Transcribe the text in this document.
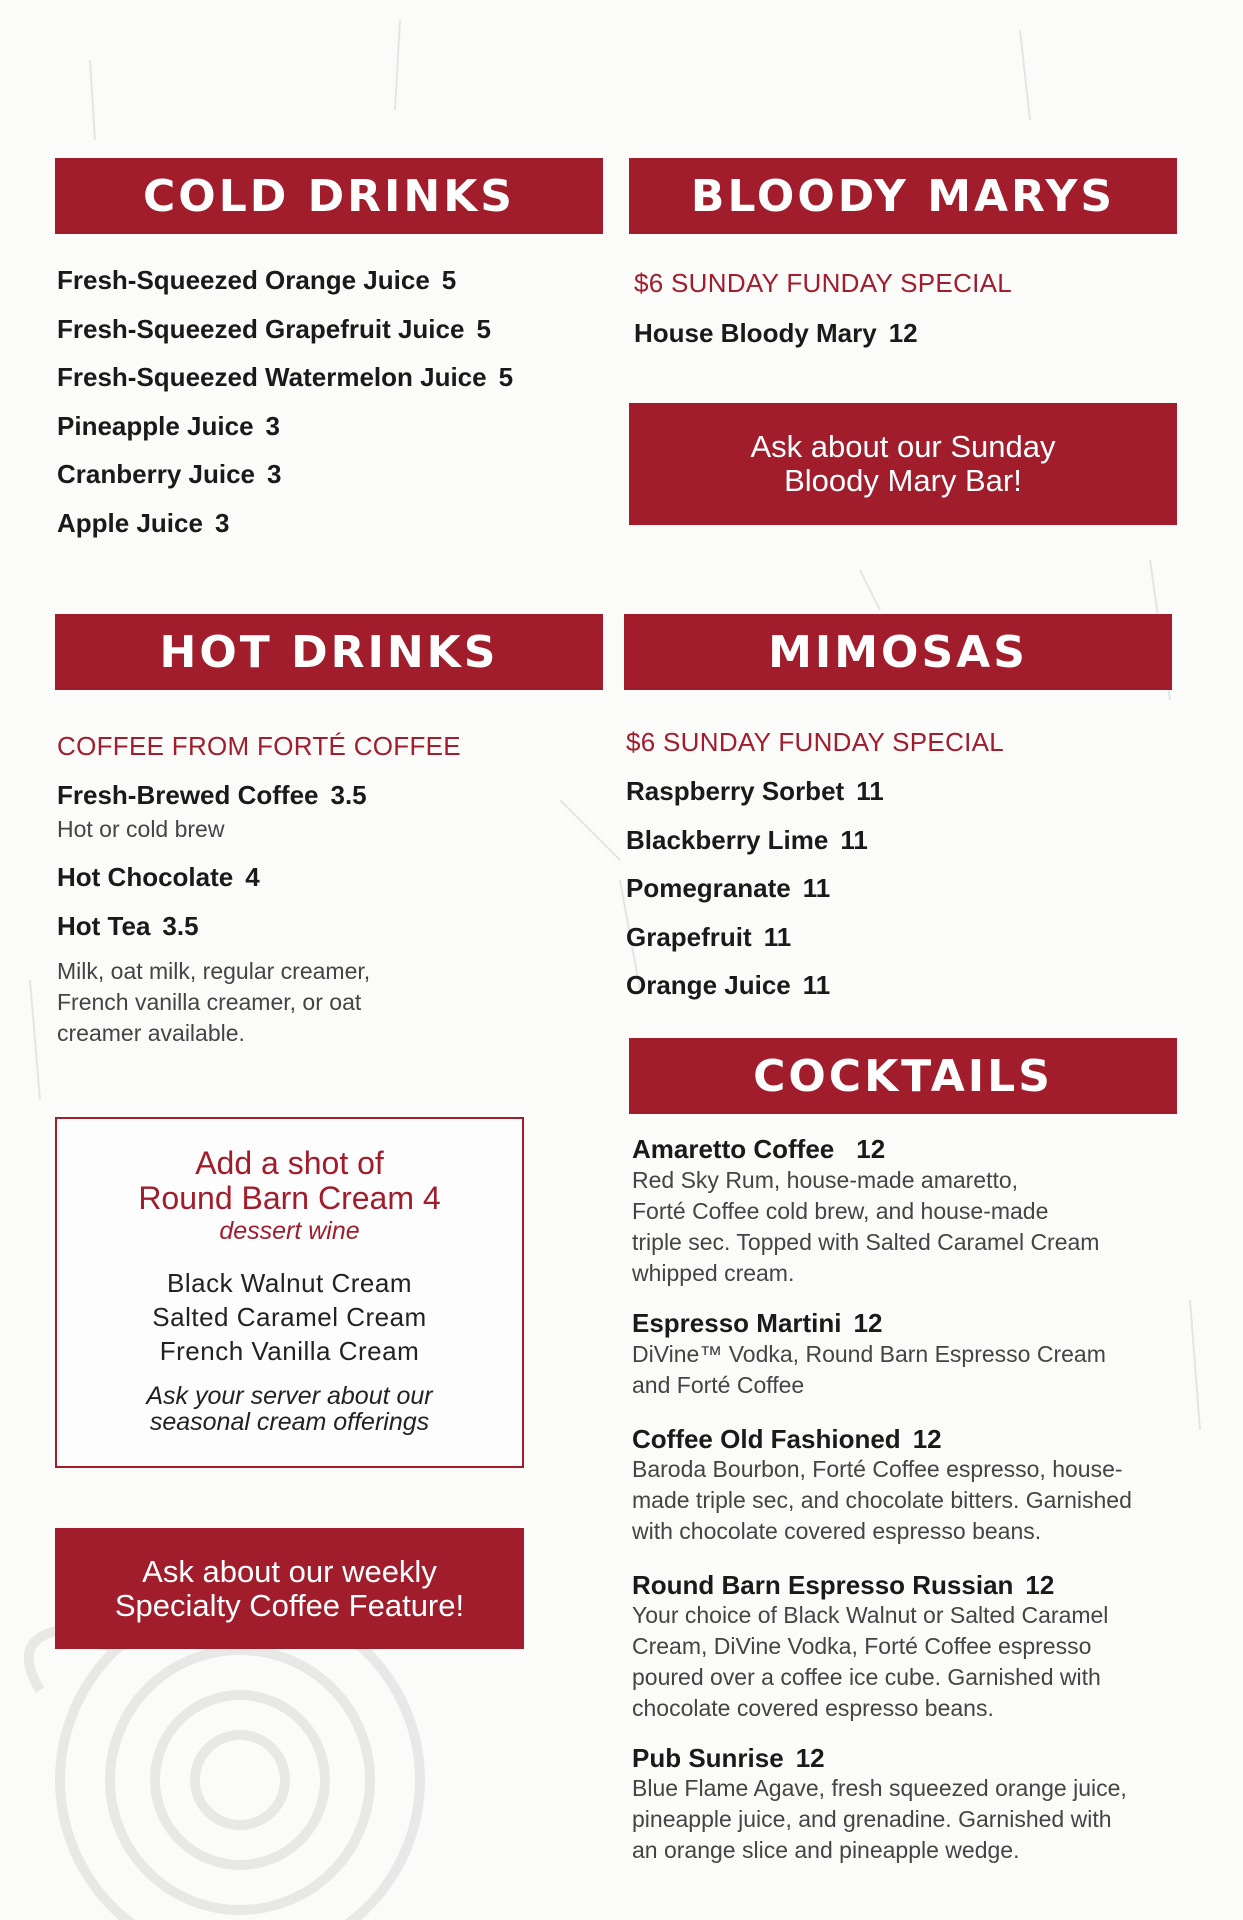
COLD DRINKS
Fresh-Squeezed Orange Juice 5
Fresh-Squeezed Grapefruit Juice 5
Fresh-Squeezed Watermelon Juice 5
Pineapple Juice 3
Cranberry Juice 3
Apple Juice 3
BLOODY MARYS
$6 SUNDAY FUNDAY SPECIAL
House Bloody Mary 12
Ask about our Sunday
Bloody Mary Bar!
HOT DRINKS
COFFEE FROM FORTÉ COFFEE
Fresh-Brewed Coffee 3.5
Hot or cold brew
Hot Chocolate 4
Hot Tea 3.5
Milk, oat milk, regular creamer,
French vanilla creamer, or oat
creamer available.
Add a shot of
Round Barn Cream 4
dessert wine
Black Walnut Cream
Salted Caramel Cream
French Vanilla Cream
Ask your server about our
seasonal cream offerings
Ask about our weekly
Specialty Coffee Feature!
MIMOSAS
$6 SUNDAY FUNDAY SPECIAL
Raspberry Sorbet 11
Blackberry Lime 11
Pomegranate 11
Grapefruit 11
Orange Juice 11
COCKTAILS
Amaretto Coffee 12
Red Sky Rum, house-made amaretto,
Forté Coffee cold brew, and house-made
triple sec. Topped with Salted Caramel Cream
whipped cream.
Espresso Martini 12
DiVine™ Vodka, Round Barn Espresso Cream
and Forté Coffee
Coffee Old Fashioned 12
Baroda Bourbon, Forté Coffee espresso, house-
made triple sec, and chocolate bitters. Garnished
with chocolate covered espresso beans.
Round Barn Espresso Russian 12
Your choice of Black Walnut or Salted Caramel
Cream, DiVine Vodka, Forté Coffee espresso
poured over a coffee ice cube. Garnished with
chocolate covered espresso beans.
Pub Sunrise 12
Blue Flame Agave, fresh squeezed orange juice,
pineapple juice, and grenadine. Garnished with
an orange slice and pineapple wedge.
